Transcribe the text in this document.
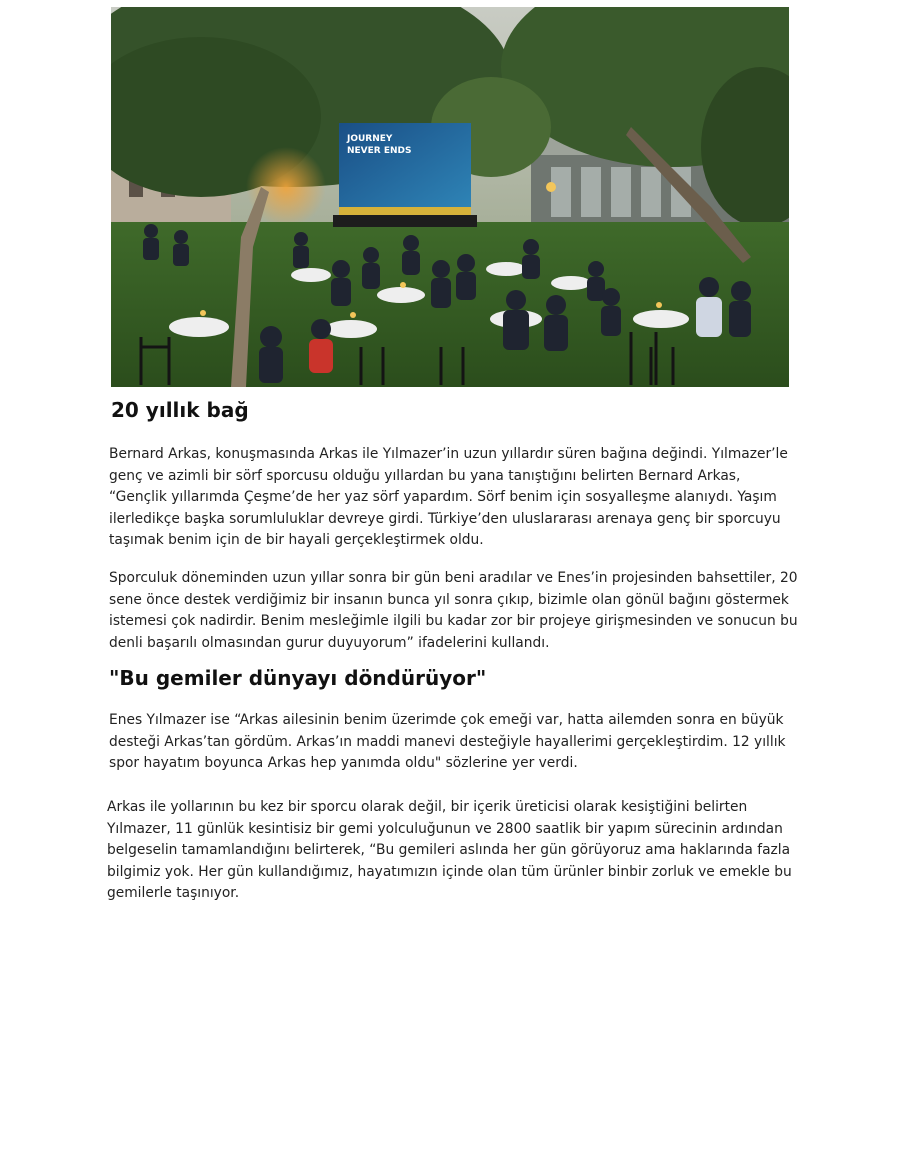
JOURNEY
NEVER ENDS
20 yıllık bağ

Bernard Arkas, konuşmasında Arkas ile Yılmazer’in uzun yıllardır süren bağına değindi. Yılmazer’le genç ve azimli bir sörf sporcusu olduğu yıllardan bu yana tanıştığını belirten Bernard Arkas, “Gençlik yıllarımda Çeşme’de her yaz sörf yapardım. Sörf benim için sosyalleşme alanıydı. Yaşım ilerledikçe başka sorumluluklar devreye girdi. Türkiye’den uluslararası arenaya genç bir sporcuyu taşımak benim için de bir hayali gerçekleştirmek oldu.

Sporculuk döneminden uzun yıllar sonra bir gün beni aradılar ve Enes’in projesinden bahsettiler, 20 sene önce destek verdiğimiz bir insanın bunca yıl sonra çıkıp, bizimle olan gönül bağını göstermek istemesi çok nadirdir. Benim mesleğimle ilgili bu kadar zor bir projeye girişmesinden ve sonucun bu denli başarılı olmasından gurur duyuyorum” ifadelerini kullandı.

"Bu gemiler dünyayı döndürüyor"

Enes Yılmazer ise “Arkas ailesinin benim üzerimde çok emeği var, hatta ailemden sonra en büyük desteği Arkas’tan gördüm. Arkas’ın maddi manevi desteğiyle hayallerimi gerçekleştirdim. 12 yıllık spor hayatım boyunca Arkas hep yanımda oldu" sözlerine yer verdi.

Arkas ile yollarının bu kez bir sporcu olarak değil, bir içerik üreticisi olarak kesiştiğini belirten Yılmazer, 11 günlük kesintisiz bir gemi yolculuğunun ve 2800 saatlik bir yapım sürecinin ardından belgeselin tamamlandığını belirterek, “Bu gemileri aslında her gün görüyoruz ama haklarında fazla bilgimiz yok. Her gün kullandığımız, hayatımızın içinde olan tüm ürünler binbir zorluk ve emekle bu gemilerle taşınıyor.
